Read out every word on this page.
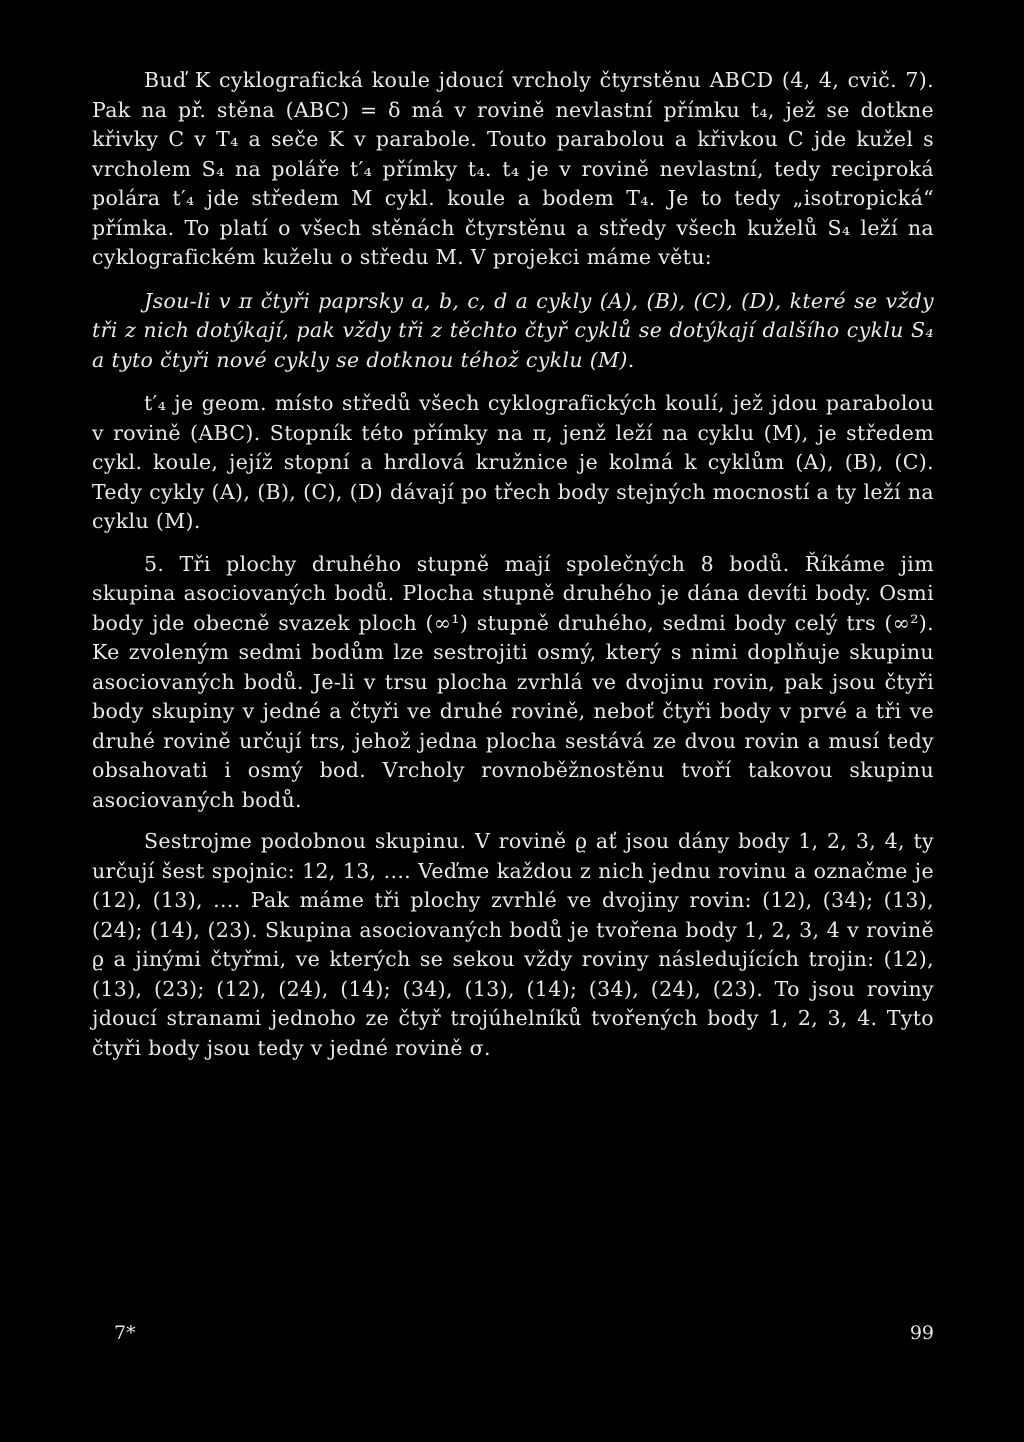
Buď K cyklografická koule jdoucí vrcholy čtyrstěnu ABCD (4, 4, cvič. 7). Pak na př. stěna (ABC) = δ má v rovině nevlastní přímku t₄, jež se dotkne křivky C v T₄ a seče K v parabole. Touto parabolou a křivkou C jde kužel s vrcholem S₄ na poláře t′₄ přímky t₄. t₄ je v rovině nevlastní, tedy reciproká polára t′₄ jde středem M cykl. koule a bodem T₄. Je to tedy „isotropická“ přímka. To platí o všech stěnách čtyrstěnu a středy všech kuželů S₄ leží na cyklografickém kuželu o středu M. V projekci máme větu:

Jsou-li v π čtyři paprsky a, b, c, d a cykly (A), (B), (C), (D), které se vždy tři z nich dotýkají, pak vždy tři z těchto čtyř cyklů se dotýkají dalšího cyklu S₄ a tyto čtyři nové cykly se dotknou téhož cyklu (M).

t′₄ je geom. místo středů všech cyklografických koulí, jež jdou parabolou v rovině (ABC). Stopník této přímky na π, jenž leží na cyklu (M), je středem cykl. koule, jejíž stopní a hrdlová kružnice je kolmá k cyklům (A), (B), (C). Tedy cykly (A), (B), (C), (D) dávají po třech body stejných mocností a ty leží na cyklu (M).

5. Tři plochy druhého stupně mají společných 8 bodů. Říkáme jim skupina asociovaných bodů. Plocha stupně druhého je dána devíti body. Osmi body jde obecně svazek ploch (∞¹) stupně druhého, sedmi body celý trs (∞²). Ke zvoleným sedmi bodům lze sestrojiti osmý, který s nimi doplňuje skupinu asociovaných bodů. Je-li v trsu plocha zvrhlá ve dvojinu rovin, pak jsou čtyři body skupiny v jedné a čtyři ve druhé rovině, neboť čtyři body v prvé a tři ve druhé rovině určují trs, jehož jedna plocha sestává ze dvou rovin a musí tedy obsahovati i osmý bod. Vrcholy rovnoběžnostěnu tvoří takovou skupinu asociovaných bodů.

Sestrojme podobnou skupinu. V rovině ϱ ať jsou dány body 1, 2, 3, 4, ty určují šest spojnic: 12, 13, .... Veďme každou z nich jednu rovinu a označme je (12), (13), .... Pak máme tři plochy zvrhlé ve dvojiny rovin: (12), (34); (13), (24); (14), (23). Skupina asociovaných bodů je tvořena body 1, 2, 3, 4 v rovině ϱ a jinými čtyřmi, ve kterých se sekou vždy roviny následujících trojin: (12), (13), (23); (12), (24), (14); (34), (13), (14); (34), (24), (23). To jsou roviny jdoucí stranami jednoho ze čtyř trojúhelníků tvořených body 1, 2, 3, 4. Tyto čtyři body jsou tedy v jedné rovině σ.

7*	99
